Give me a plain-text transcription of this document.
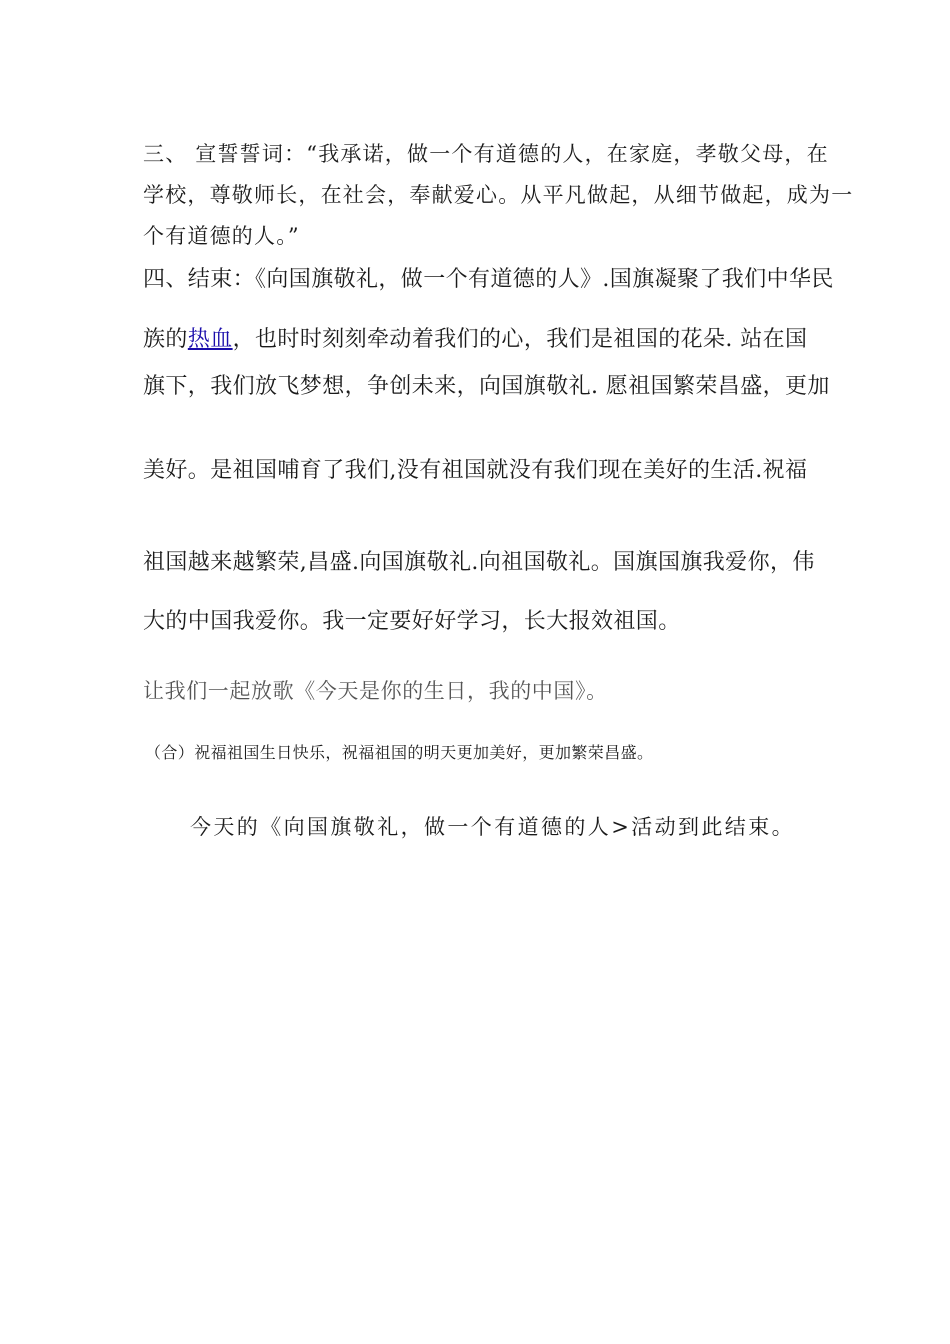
三、 宣誓誓词：“我承诺，做一个有道德的人，在家庭，孝敬父母，在
学校，尊敬师长，在社会，奉献爱心。从平凡做起，从细节做起，成为一
个有道德的人。”
四、结束：《向国旗敬礼，做一个有道德的人》.国旗凝聚了我们中华民
族的热血，也时时刻刻牵动着我们的心，我们是祖国的花朵. 站在国
旗下，我们放飞梦想，争创未来，向国旗敬礼. 愿祖国繁荣昌盛，更加
美好。是祖国哺育了我们,没有祖国就没有我们现在美好的生活.祝福
祖国越来越繁荣,昌盛.向国旗敬礼.向祖国敬礼。国旗国旗我爱你，伟
大的中国我爱你。我一定要好好学习，长大报效祖国。
让我们一起放歌《今天是你的生日，我的中国》。
（合）祝福祖国生日快乐，祝福祖国的明天更加美好，更加繁荣昌盛。
今天的《向国旗敬礼，做一个有道德的人>活动到此结束。
